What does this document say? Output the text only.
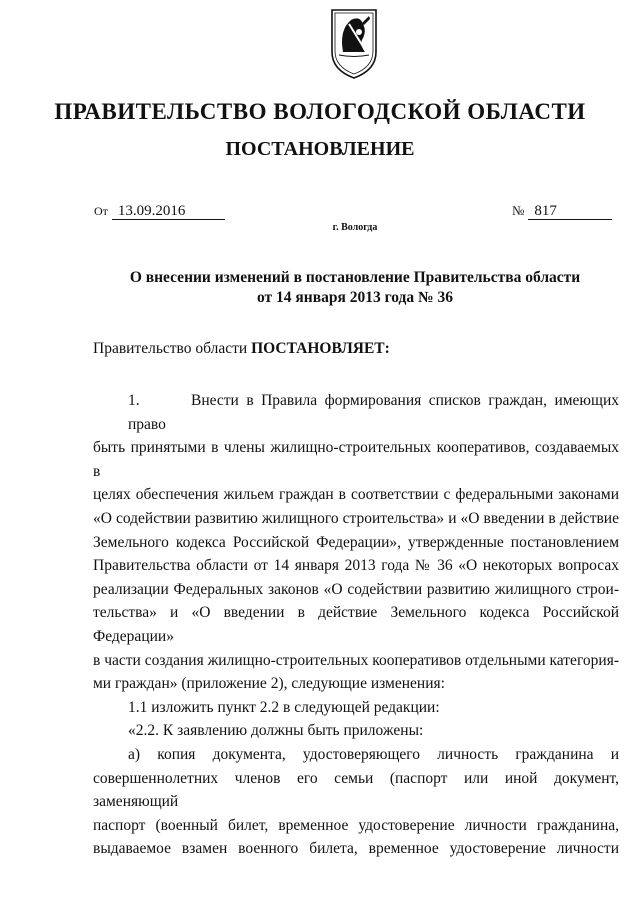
ПРАВИТЕЛЬСТВО ВОЛОГОДСКОЙ ОБЛАСТИ
ПОСТАНОВЛЕНИЕ
От 13.09.2016	№ 817
г. Вологда
О внесении изменений в постановление Правительства области
от 14 января 2013 года № 36
Правительство области ПОСТАНОВЛЯЕТ:

1.	Внести в Правила формирования списков граждан, имеющих право

быть принятыми в члены жилищно-строительных кооперативов, создаваемых в

целях обеспечения жильем граждан в соответствии с федеральными законами

«О содействии развитию жилищного строительства» и «О введении в действие

Земельного кодекса Российской Федерации», утвержденные постановлением

Правительства области от 14 января 2013 года № 36 «О некоторых вопросах

реализации Федеральных законов «О содействии развитию жилищного строи-

тельства» и «О введении в действие Земельного кодекса Российской Федерации»

в части создания жилищно-строительных кооперативов отдельными категория-

ми граждан» (приложение 2), следующие изменения:

1.1 изложить пункт 2.2 в следующей редакции:

«2.2. К заявлению должны быть приложены:

а) копия документа, удостоверяющего личность гражданина и

совершеннолетних членов его семьи (паспорт или иной документ, заменяющий

паспорт (военный билет, временное удостоверение личности гражданина,

выдаваемое взамен военного билета, временное удостоверение личности
